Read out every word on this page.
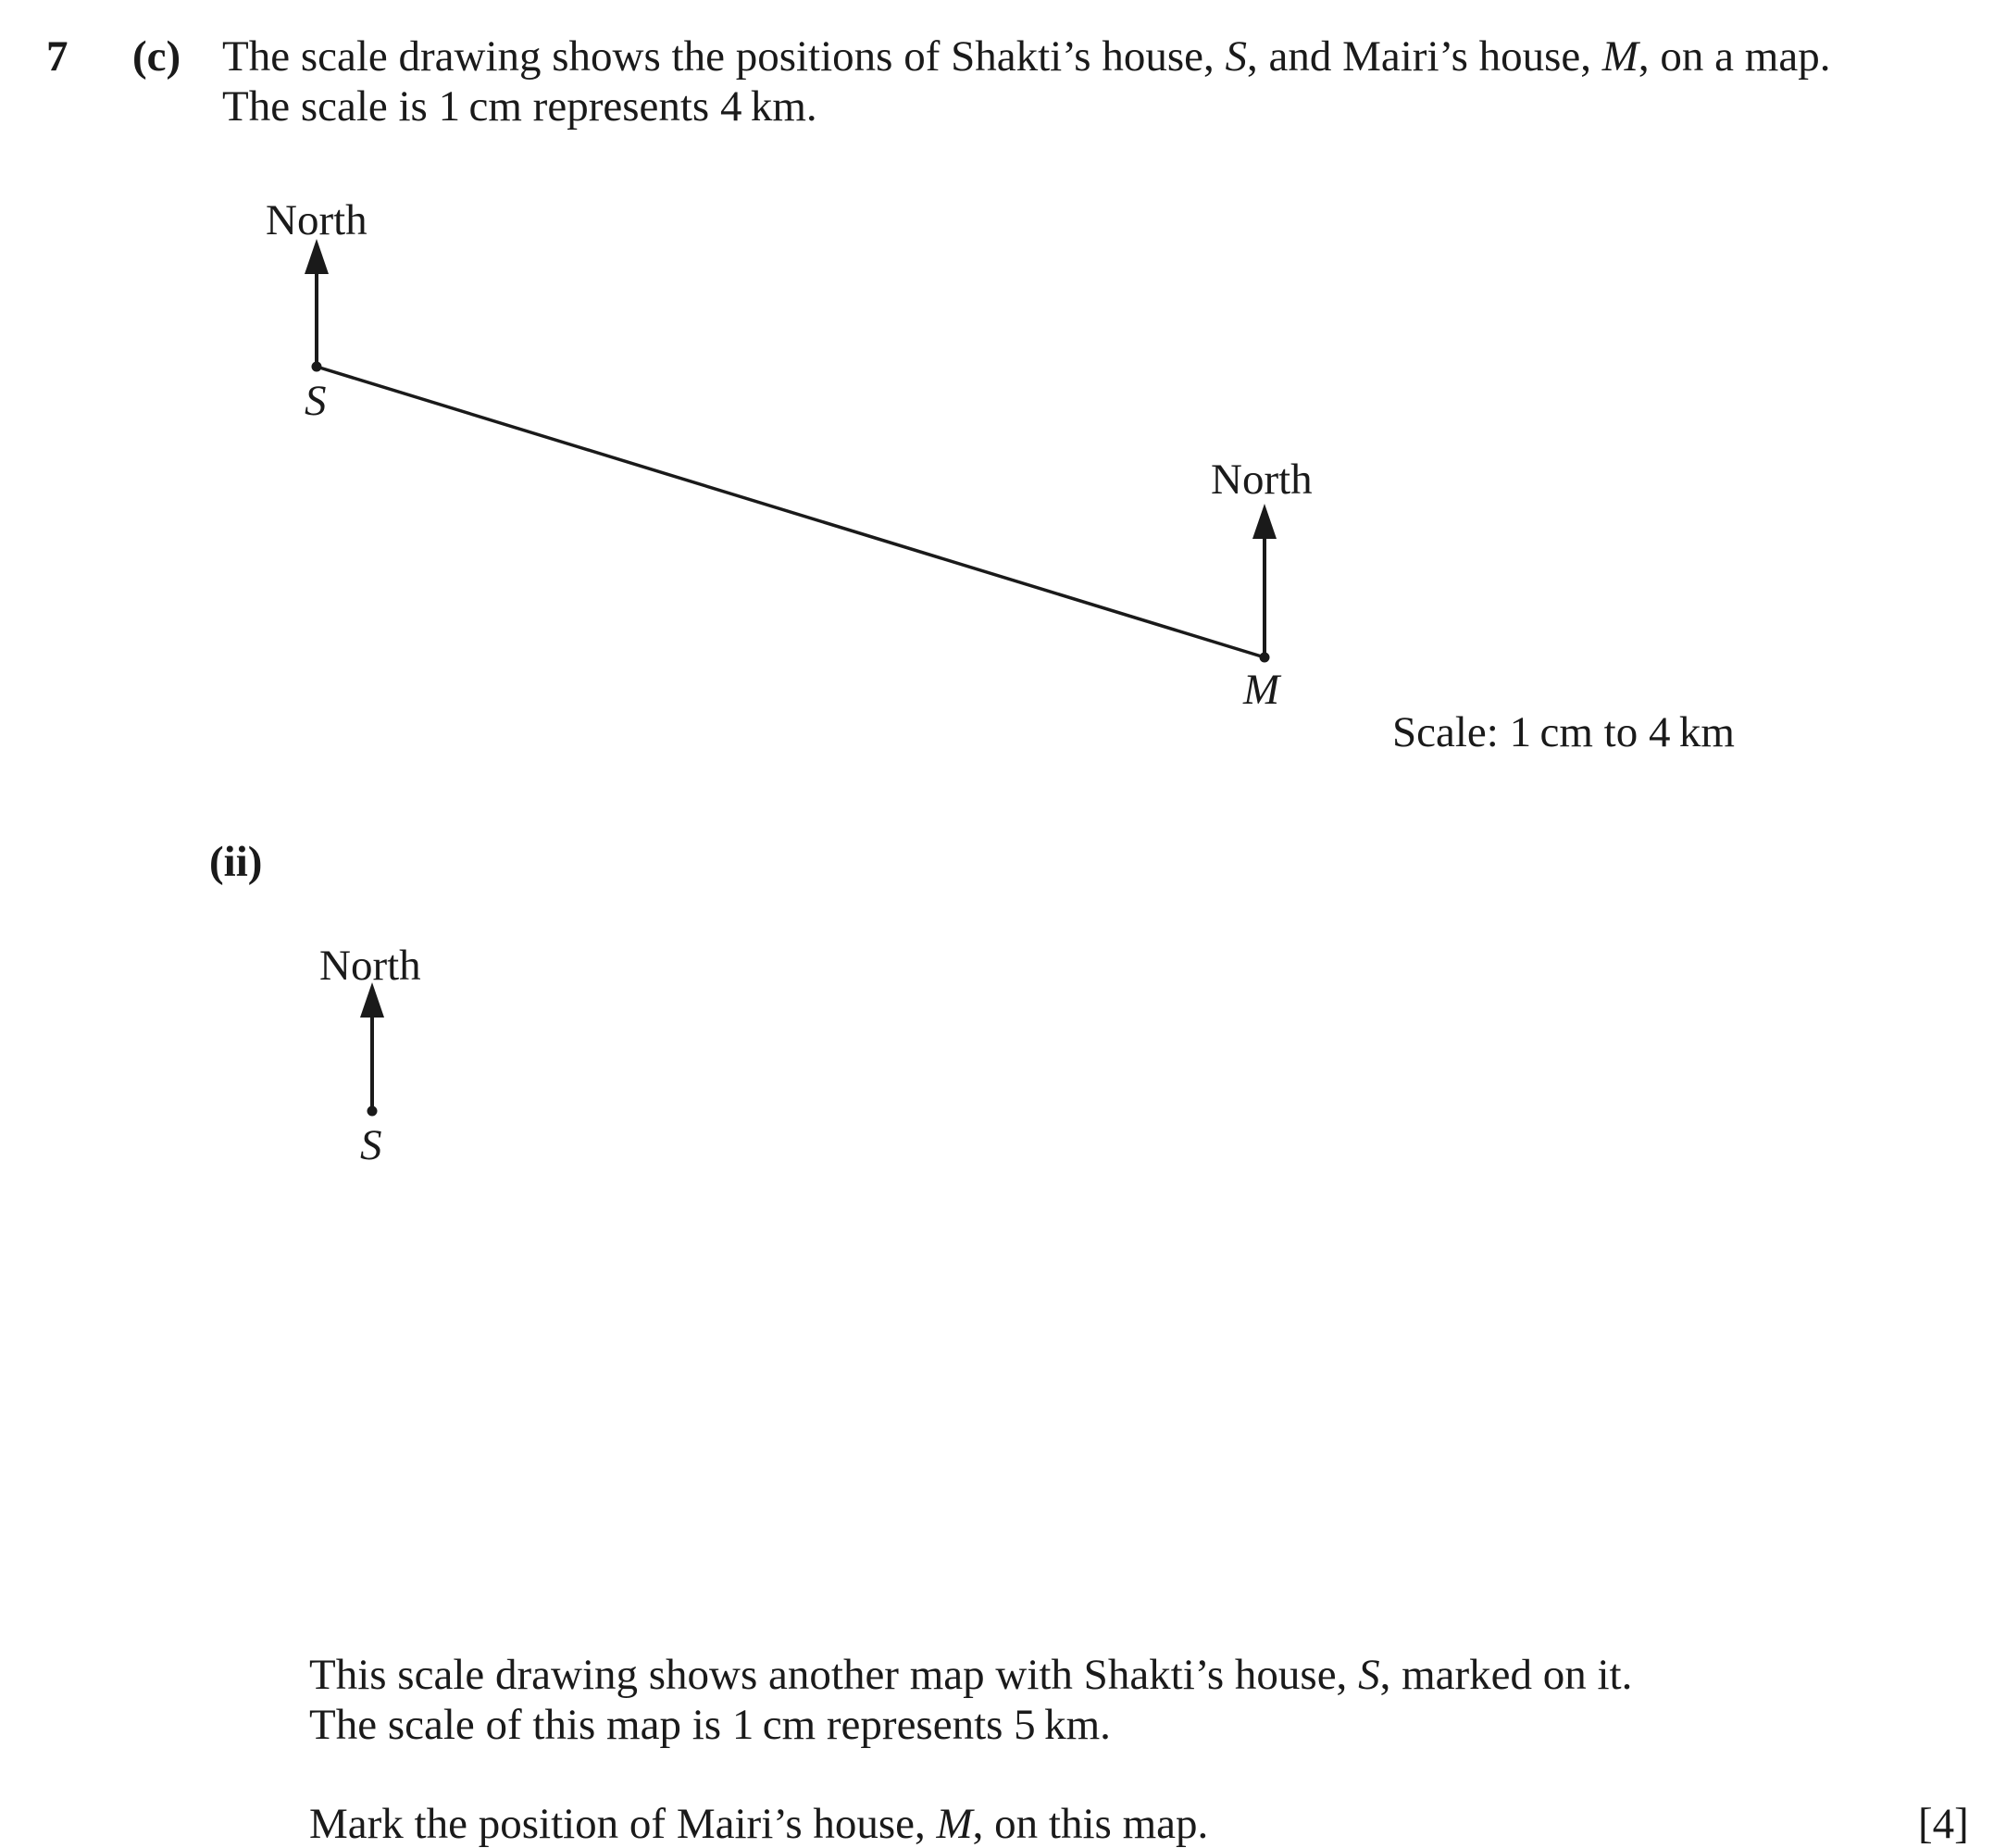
7 (c) The scale drawing shows the positions of Shakti’s house, S, and Mairi’s house, M, on a map.
The scale is 1 cm represents 4 km.
North
S
North
M
Scale: 1 cm to 4 km
(ii)
North
S
This scale drawing shows another map with Shakti’s house, S, marked on it.
The scale of this map is 1 cm represents 5 km.
Mark the position of Mairi’s house, M, on this map.	[4]
